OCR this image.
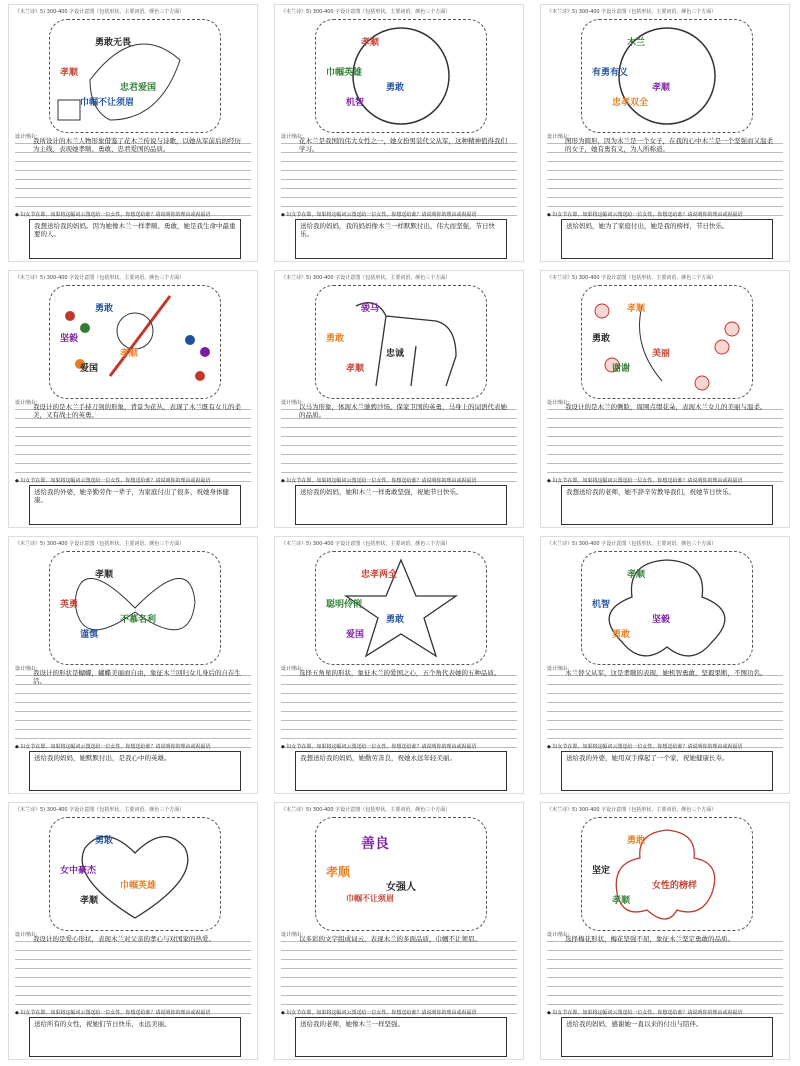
《木兰诗》5) 300-400 字设计意图（包括形状、主要词语、颜色三个方面）
勇敢无畏
孝顺
忠君爱国
巾帼不让须眉
设计理由：
我所设计的木兰人物形象借鉴了花木兰传说与诗歌，以她从军前后的经历为主线，表现她孝顺、勇敢、忠君爱国的品质。
◆ 妇女节在即，如果将这幅词云图送给一位女性，你想送给谁？请说明你的理由或祝福语
我想送给我的妈妈。因为她像木兰一样孝顺、勇敢，她是我生命中最重要的人。
《木兰诗》5) 300-400 字设计意图（包括形状、主要词语、颜色三个方面）
孝顺
巾帼英雄
勇敢
机智
设计理由：
花木兰是我国的伟大女性之一，她女扮男装代父从军，这种精神值得我们学习。
◆ 妇女节在即，如果将这幅词云图送给一位女性，你想送给谁？请说明你的理由或祝福语
送给我的妈妈，我的妈妈像木兰一样默默付出，伟大而坚强，节日快乐。
《木兰诗》5) 300-400 字设计意图（包括形状、主要词语、颜色三个方面）
木兰
有勇有义
孝顺
忠孝双全
设计理由：
图形为圆形，因为木兰是一个女子，在我的心中木兰是一个坚强而又温柔的女子，她有勇有义，为人所称道。
◆ 妇女节在即，如果将这幅词云图送给一位女性，你想送给谁？请说明你的理由或祝福语
送给妈妈，她为了家庭付出，她是我的榜样，节日快乐。
《木兰诗》5) 300-400 字设计意图（包括形状、主要词语、颜色三个方面）
勇敢
坚毅
孝顺
爱国
设计理由：
我设计的是木兰手持刀剑的形象，背景为花丛，表现了木兰既有女儿的柔美，又有战士的英勇。
◆ 妇女节在即，如果将这幅词云图送给一位女性，你想送给谁？请说明你的理由或祝福语
送给我的外婆，她辛勤劳作一辈子，为家庭付出了很多，祝她身体健康。
《木兰诗》5) 300-400 字设计意图（包括形状、主要词语、颜色三个方面）
骏马
勇敢
忠诚
孝顺
设计理由：
以马为形象，体现木兰驰骋沙场、保家卫国的英勇，马身上的词语代表她的品质。
◆ 妇女节在即，如果将这幅词云图送给一位女性，你想送给谁？请说明你的理由或祝福语
送给我的妈妈，她和木兰一样勇敢坚强，祝她节日快乐。
《木兰诗》5) 300-400 字设计意图（包括形状、主要词语、颜色三个方面）
孝顺
勇敢
美丽
谢谢
设计理由：
我设计的是木兰的侧脸，周围点缀花朵，表现木兰女儿的美丽与温柔。
◆ 妇女节在即，如果将这幅词云图送给一位女性，你想送给谁？请说明你的理由或祝福语
我想送给我的老师，她不辞辛劳教导我们，祝她节日快乐。
《木兰诗》5) 300-400 字设计意图（包括形状、主要词语、颜色三个方面）
孝顺
英勇
不慕名利
谨慎
设计理由：
我设计的形状是蝴蝶，蝴蝶美丽而自由，象征木兰回归女儿身后的自在生活。
◆ 妇女节在即，如果将这幅词云图送给一位女性，你想送给谁？请说明你的理由或祝福语
送给我的妈妈，她默默付出，是我心中的英雄。
《木兰诗》5) 300-400 字设计意图（包括形状、主要词语、颜色三个方面）
忠孝两全
聪明伶俐
勇敢
爱国
设计理由：
选择五角星的形状，象征木兰的爱国之心，五个角代表她的五种品质。
◆ 妇女节在即，如果将这幅词云图送给一位女性，你想送给谁？请说明你的理由或祝福语
我想送给我的妈妈，她勤劳善良，祝她永远年轻美丽。
《木兰诗》5) 300-400 字设计意图（包括形状、主要词语、颜色三个方面）
孝顺
机智
坚毅
勇敢
设计理由：
木兰替父从军，这是孝顺的表现，她机智勇敢，坚毅果断，不图功名。
◆ 妇女节在即，如果将这幅词云图送给一位女性，你想送给谁？请说明你的理由或祝福语
送给我的外婆，她用双手撑起了一个家，祝她健康长寿。
《木兰诗》5) 300-400 字设计意图（包括形状、主要词语、颜色三个方面）
勇敢
女中豪杰
巾帼英雄
孝顺
设计理由：
我设计的是爱心形状，表现木兰对父亲的孝心与对国家的热爱。
◆ 妇女节在即，如果将这幅词云图送给一位女性，你想送给谁？请说明你的理由或祝福语
送给所有的女性，祝她们节日快乐，永远美丽。
《木兰诗》5) 300-400 字设计意图（包括形状、主要词语、颜色三个方面）
善良
孝顺
女强人
巾帼不让须眉
设计理由：
以多彩的文字组成词云，表现木兰的多面品质，巾帼不让须眉。
◆ 妇女节在即，如果将这幅词云图送给一位女性，你想送给谁？请说明你的理由或祝福语
送给我的老师，她像木兰一样坚强。
《木兰诗》5) 300-400 字设计意图（包括形状、主要词语、颜色三个方面）
勇敢
坚定
女性的榜样
孝顺
设计理由：
选择梅花形状，梅花坚强不屈，象征木兰坚定勇敢的品质。
◆ 妇女节在即，如果将这幅词云图送给一位女性，你想送给谁？请说明你的理由或祝福语
送给我的妈妈，感谢她一直以来的付出与陪伴。
